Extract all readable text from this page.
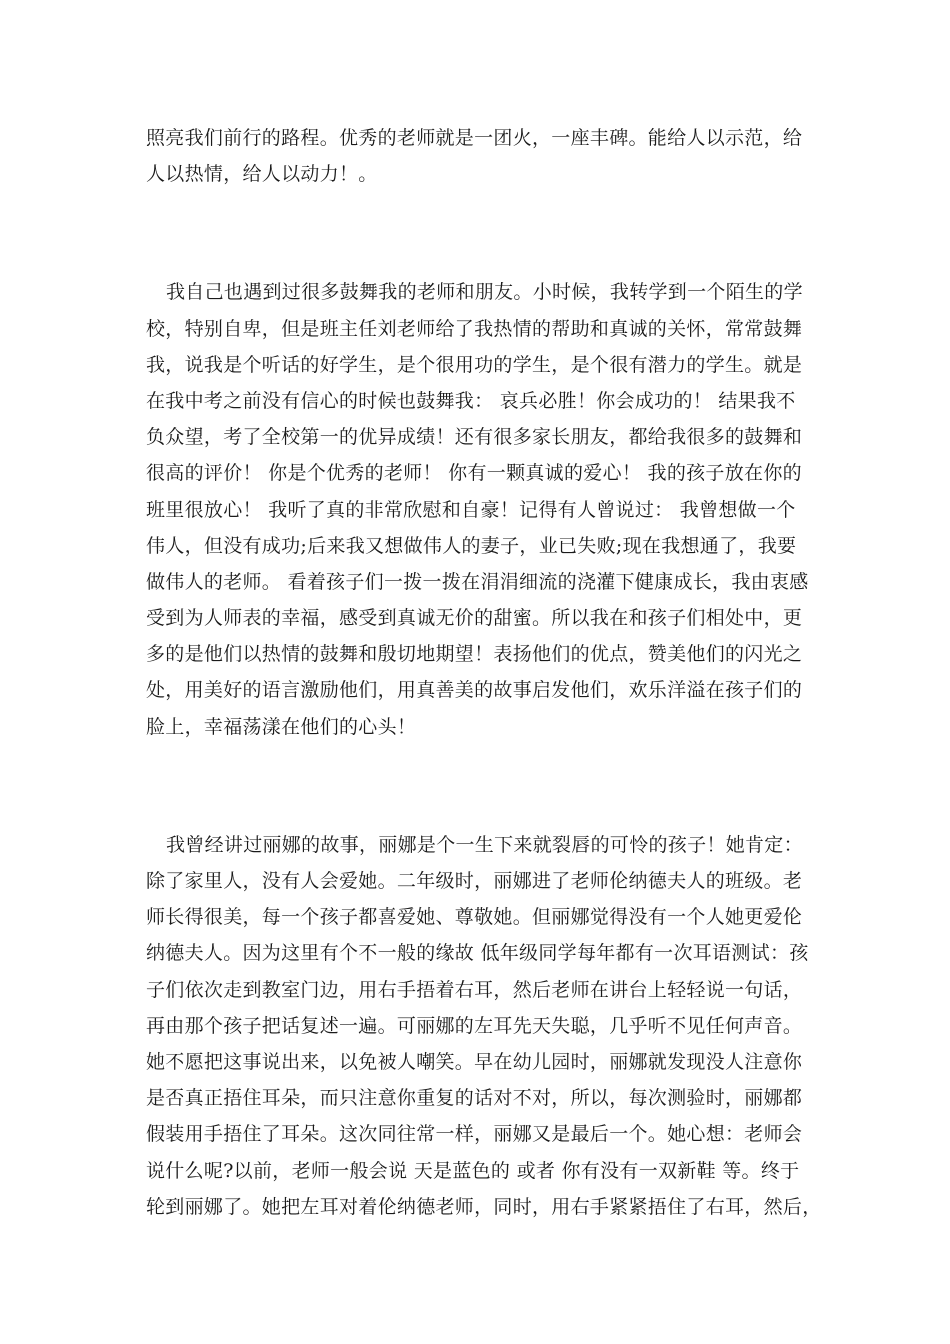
照亮我们前行的路程。优秀的老师就是一团火，一座丰碑。能给人以示范，给
人以热情，给人以动力！。
我自己也遇到过很多鼓舞我的老师和朋友。小时候，我转学到一个陌生的学
校，特别自卑，但是班主任刘老师给了我热情的帮助和真诚的关怀，常常鼓舞
我，说我是个听话的好学生，是个很用功的学生，是个很有潜力的学生。就是
在我中考之前没有信心的时候也鼓舞我： 哀兵必胜！你会成功的！ 结果我不
负众望，考了全校第一的优异成绩！还有很多家长朋友，都给我很多的鼓舞和
很高的评价！ 你是个优秀的老师！ 你有一颗真诚的爱心！ 我的孩子放在你的
班里很放心！ 我听了真的非常欣慰和自豪！记得有人曾说过： 我曾想做一个
伟人，但没有成功;后来我又想做伟人的妻子，业已失败;现在我想通了，我要
做伟人的老师。 看着孩子们一拨一拨在涓涓细流的浇灌下健康成长，我由衷感
受到为人师表的幸福，感受到真诚无价的甜蜜。所以我在和孩子们相处中，更
多的是他们以热情的鼓舞和殷切地期望！表扬他们的优点，赞美他们的闪光之
处，用美好的语言激励他们，用真善美的故事启发他们，欢乐洋溢在孩子们的
脸上，幸福荡漾在他们的心头！
我曾经讲过丽娜的故事，丽娜是个一生下来就裂唇的可怜的孩子！她肯定：
除了家里人，没有人会爱她。二年级时，丽娜进了老师伦纳德夫人的班级。老
师长得很美，每一个孩子都喜爱她、尊敬她。但丽娜觉得没有一个人她更爱伦
纳德夫人。因为这里有个不一般的缘故 低年级同学每年都有一次耳语测试：孩
子们依次走到教室门边，用右手捂着右耳，然后老师在讲台上轻轻说一句话，
再由那个孩子把话复述一遍。可丽娜的左耳先天失聪，几乎听不见任何声音。
她不愿把这事说出来，以免被人嘲笑。早在幼儿园时，丽娜就发现没人注意你
是否真正捂住耳朵，而只注意你重复的话对不对，所以，每次测验时，丽娜都
假装用手捂住了耳朵。这次同往常一样，丽娜又是最后一个。她心想：老师会
说什么呢?以前，老师一般会说 天是蓝色的 或者 你有没有一双新鞋 等。终于
轮到丽娜了。她把左耳对着伦纳德老师，同时，用右手紧紧捂住了右耳，然后，
